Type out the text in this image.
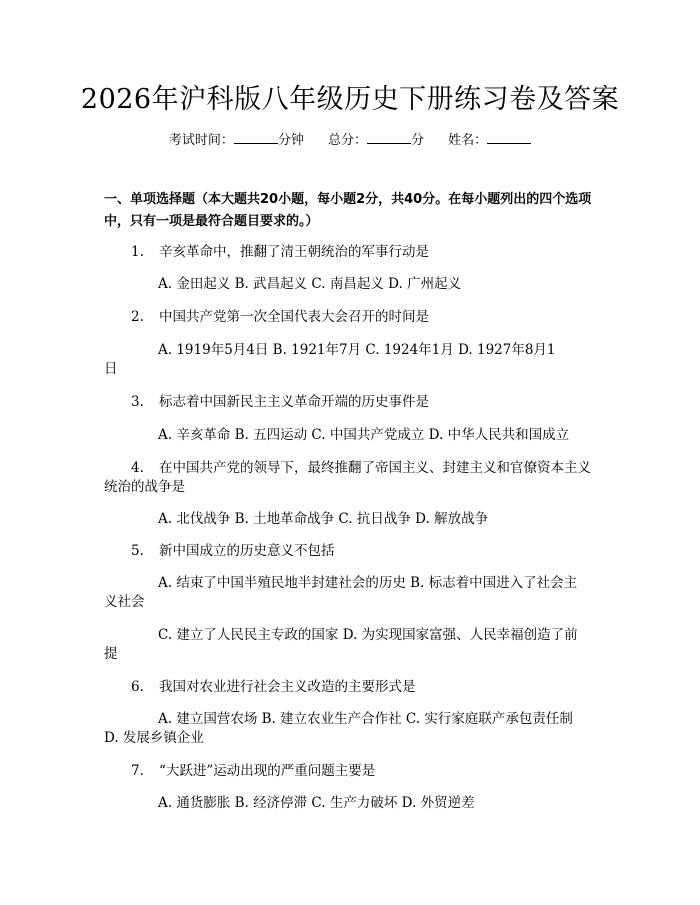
2026年沪科版八年级历史下册练习卷及答案
考试时间：	分钟 总分：	分 姓名：
一、单项选择题（本大题共20小题，每小题2分，共40分。在每小题列出的四个选项中，只有一项是最符合题目要求的。）
1. 辛亥革命中，推翻了清王朝统治的军事行动是
A. 金田起义 B. 武昌起义 C. 南昌起义 D. 广州起义
2. 中国共产党第一次全国代表大会召开的时间是
A. 1919年5月4日 B. 1921年7月 C. 1924年1月 D. 1927年8月1
日
3. 标志着中国新民主主义革命开端的历史事件是
A. 辛亥革命 B. 五四运动 C. 中国共产党成立 D. 中华人民共和国成立
4. 在中国共产党的领导下，最终推翻了帝国主义、封建主义和官僚资本主义
统治的战争是
A. 北伐战争 B. 土地革命战争 C. 抗日战争 D. 解放战争
5. 新中国成立的历史意义不包括
A. 结束了中国半殖民地半封建社会的历史 B. 标志着中国进入了社会主
义社会
C. 建立了人民民主专政的国家 D. 为实现国家富强、人民幸福创造了前
提
6. 我国对农业进行社会主义改造的主要形式是
A. 建立国营农场 B. 建立农业生产合作社 C. 实行家庭联产承包责任制
D. 发展乡镇企业
7. “大跃进”运动出现的严重问题主要是
A. 通货膨胀 B. 经济停滞 C. 生产力破坏 D. 外贸逆差
